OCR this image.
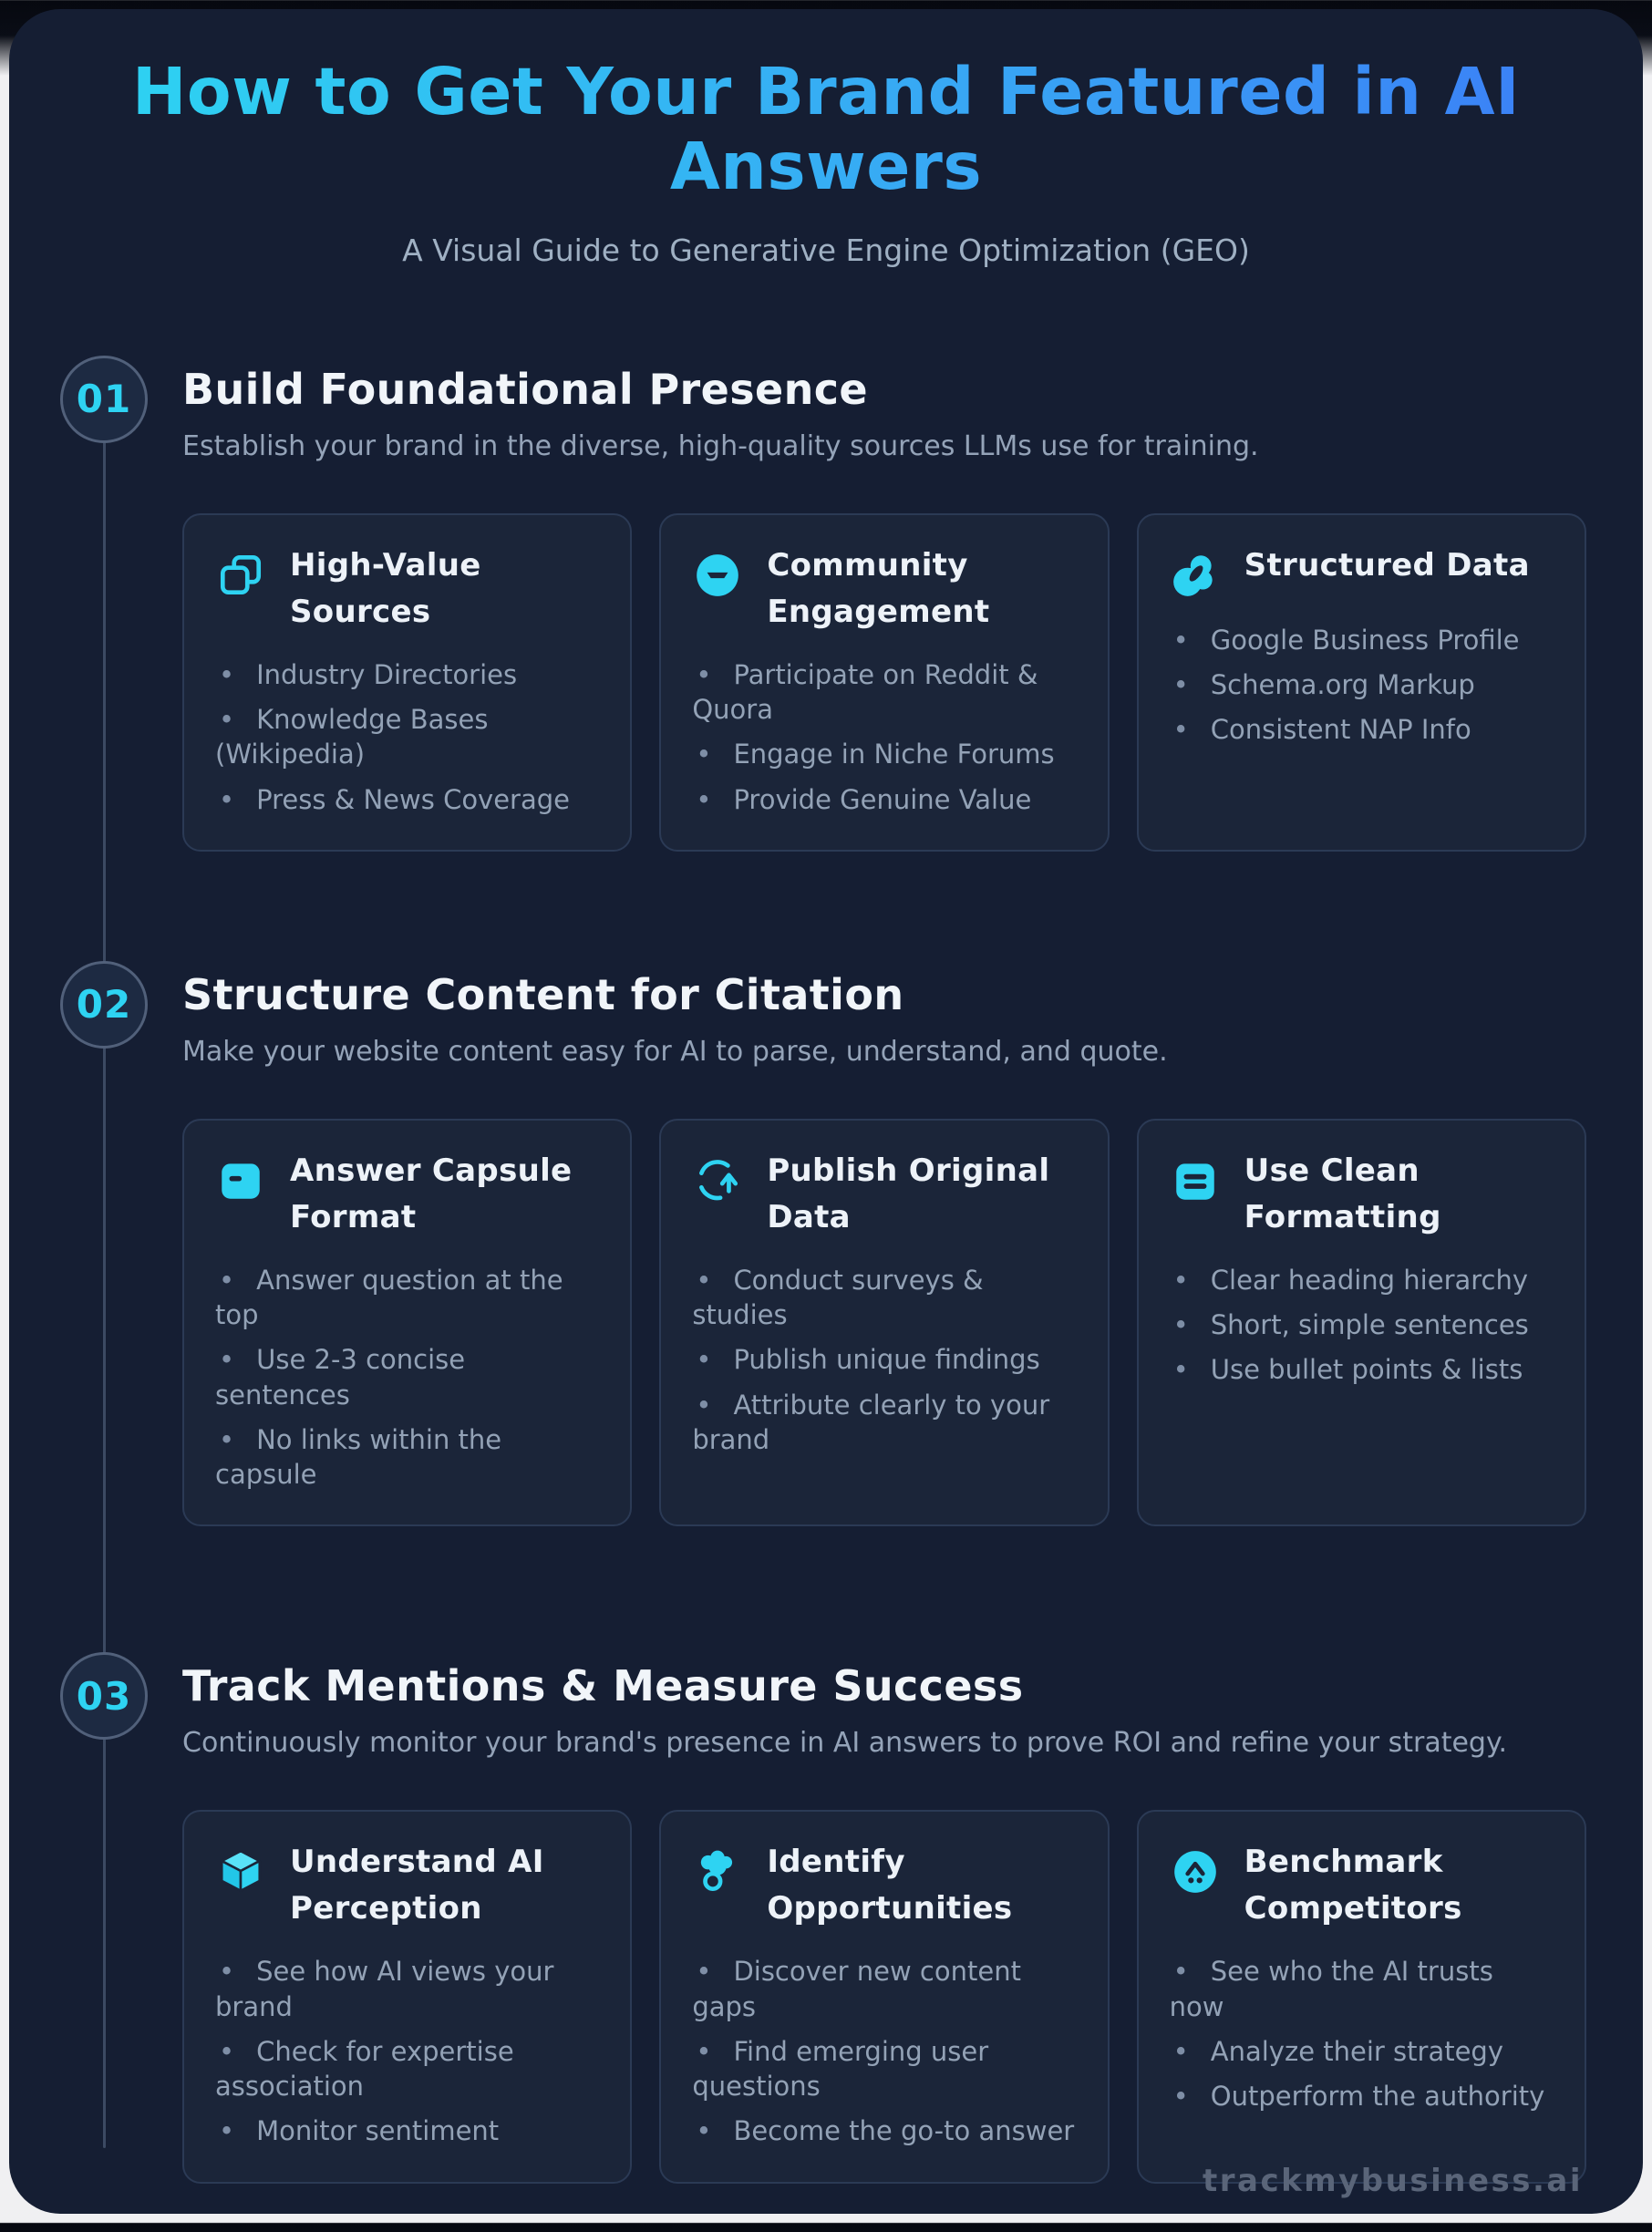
How to Get Your Brand Featured in AI Answers

A Visual Guide to Generative Engine Optimization (GEO)

01 Build Foundational Presence

Establish your brand in the diverse, high-quality sources LLMs use for training.

High-Value Sources
• Industry Directories
• Knowledge Bases (Wikipedia)
• Press & News Coverage
Community Engagement
• Participate on Reddit & Quora
• Engage in Niche Forums
• Provide Genuine Value
Structured Data
• Google Business Profile
• Schema.org Markup
• Consistent NAP Info
02 Structure Content for Citation

Make your website content easy for AI to parse, understand, and quote.

Answer Capsule Format
• Answer question at the top
• Use 2-3 concise sentences
• No links within the capsule
Publish Original Data
• Conduct surveys & studies
• Publish unique findings
• Attribute clearly to your brand
Use Clean Formatting
• Clear heading hierarchy
• Short, simple sentences
• Use bullet points & lists
03 Track Mentions & Measure Success

Continuously monitor your brand's presence in AI answers to prove ROI and refine your strategy.

Understand AI Perception
• See how AI views your brand
• Check for expertise association
• Monitor sentiment
Identify Opportunities
• Discover new content gaps
• Find emerging user questions
• Become the go-to answer
Benchmark Competitors
• See who the AI trusts now
• Analyze their strategy
• Outperform the authority
trackmybusiness.ai
